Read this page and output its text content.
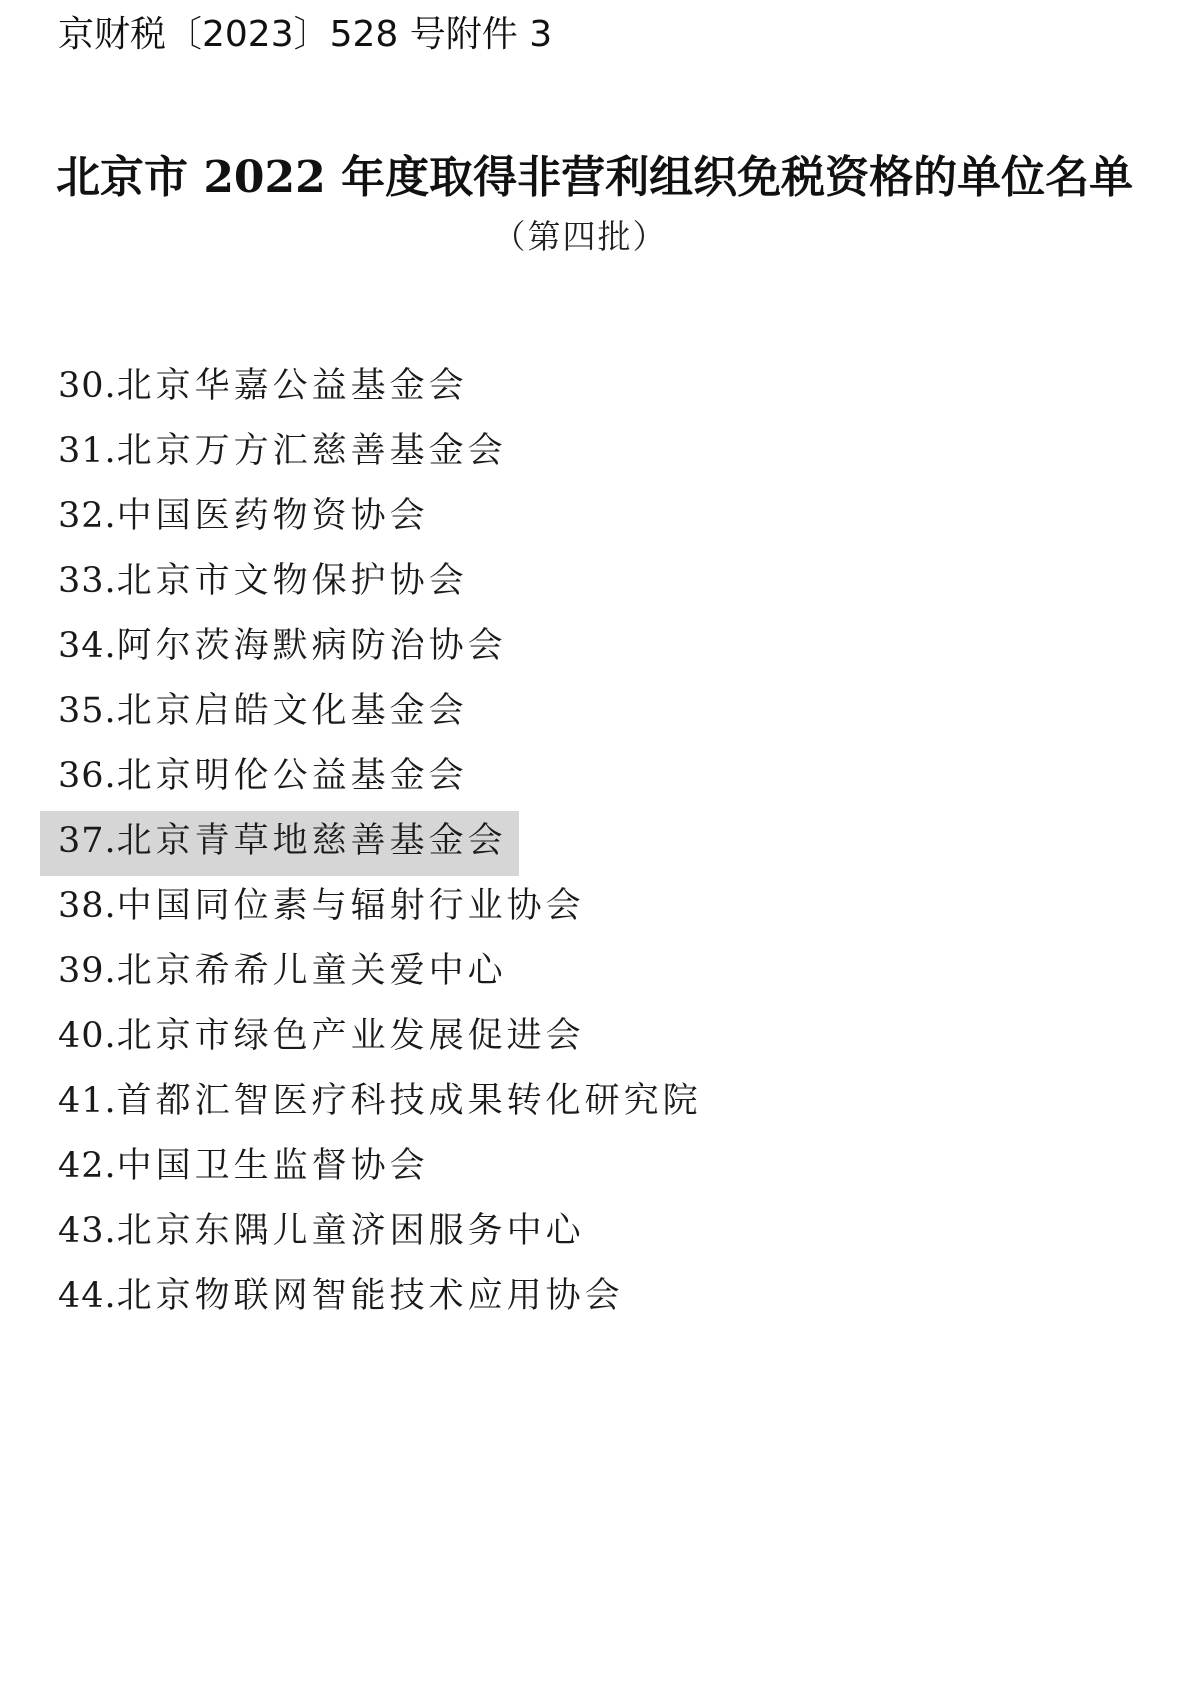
京财税〔2023〕528 号附件 3
北京市 2022 年度取得非营利组织免税资格的单位名单
（第四批）
30.北京华嘉公益基金会
31.北京万方汇慈善基金会
32.中国医药物资协会
33.北京市文物保护协会
34.阿尔茨海默病防治协会
35.北京启皓文化基金会
36.北京明伦公益基金会
37.北京青草地慈善基金会
38.中国同位素与辐射行业协会
39.北京希希儿童关爱中心
40.北京市绿色产业发展促进会
41.首都汇智医疗科技成果转化研究院
42.中国卫生监督协会
43.北京东隅儿童济困服务中心
44.北京物联网智能技术应用协会
